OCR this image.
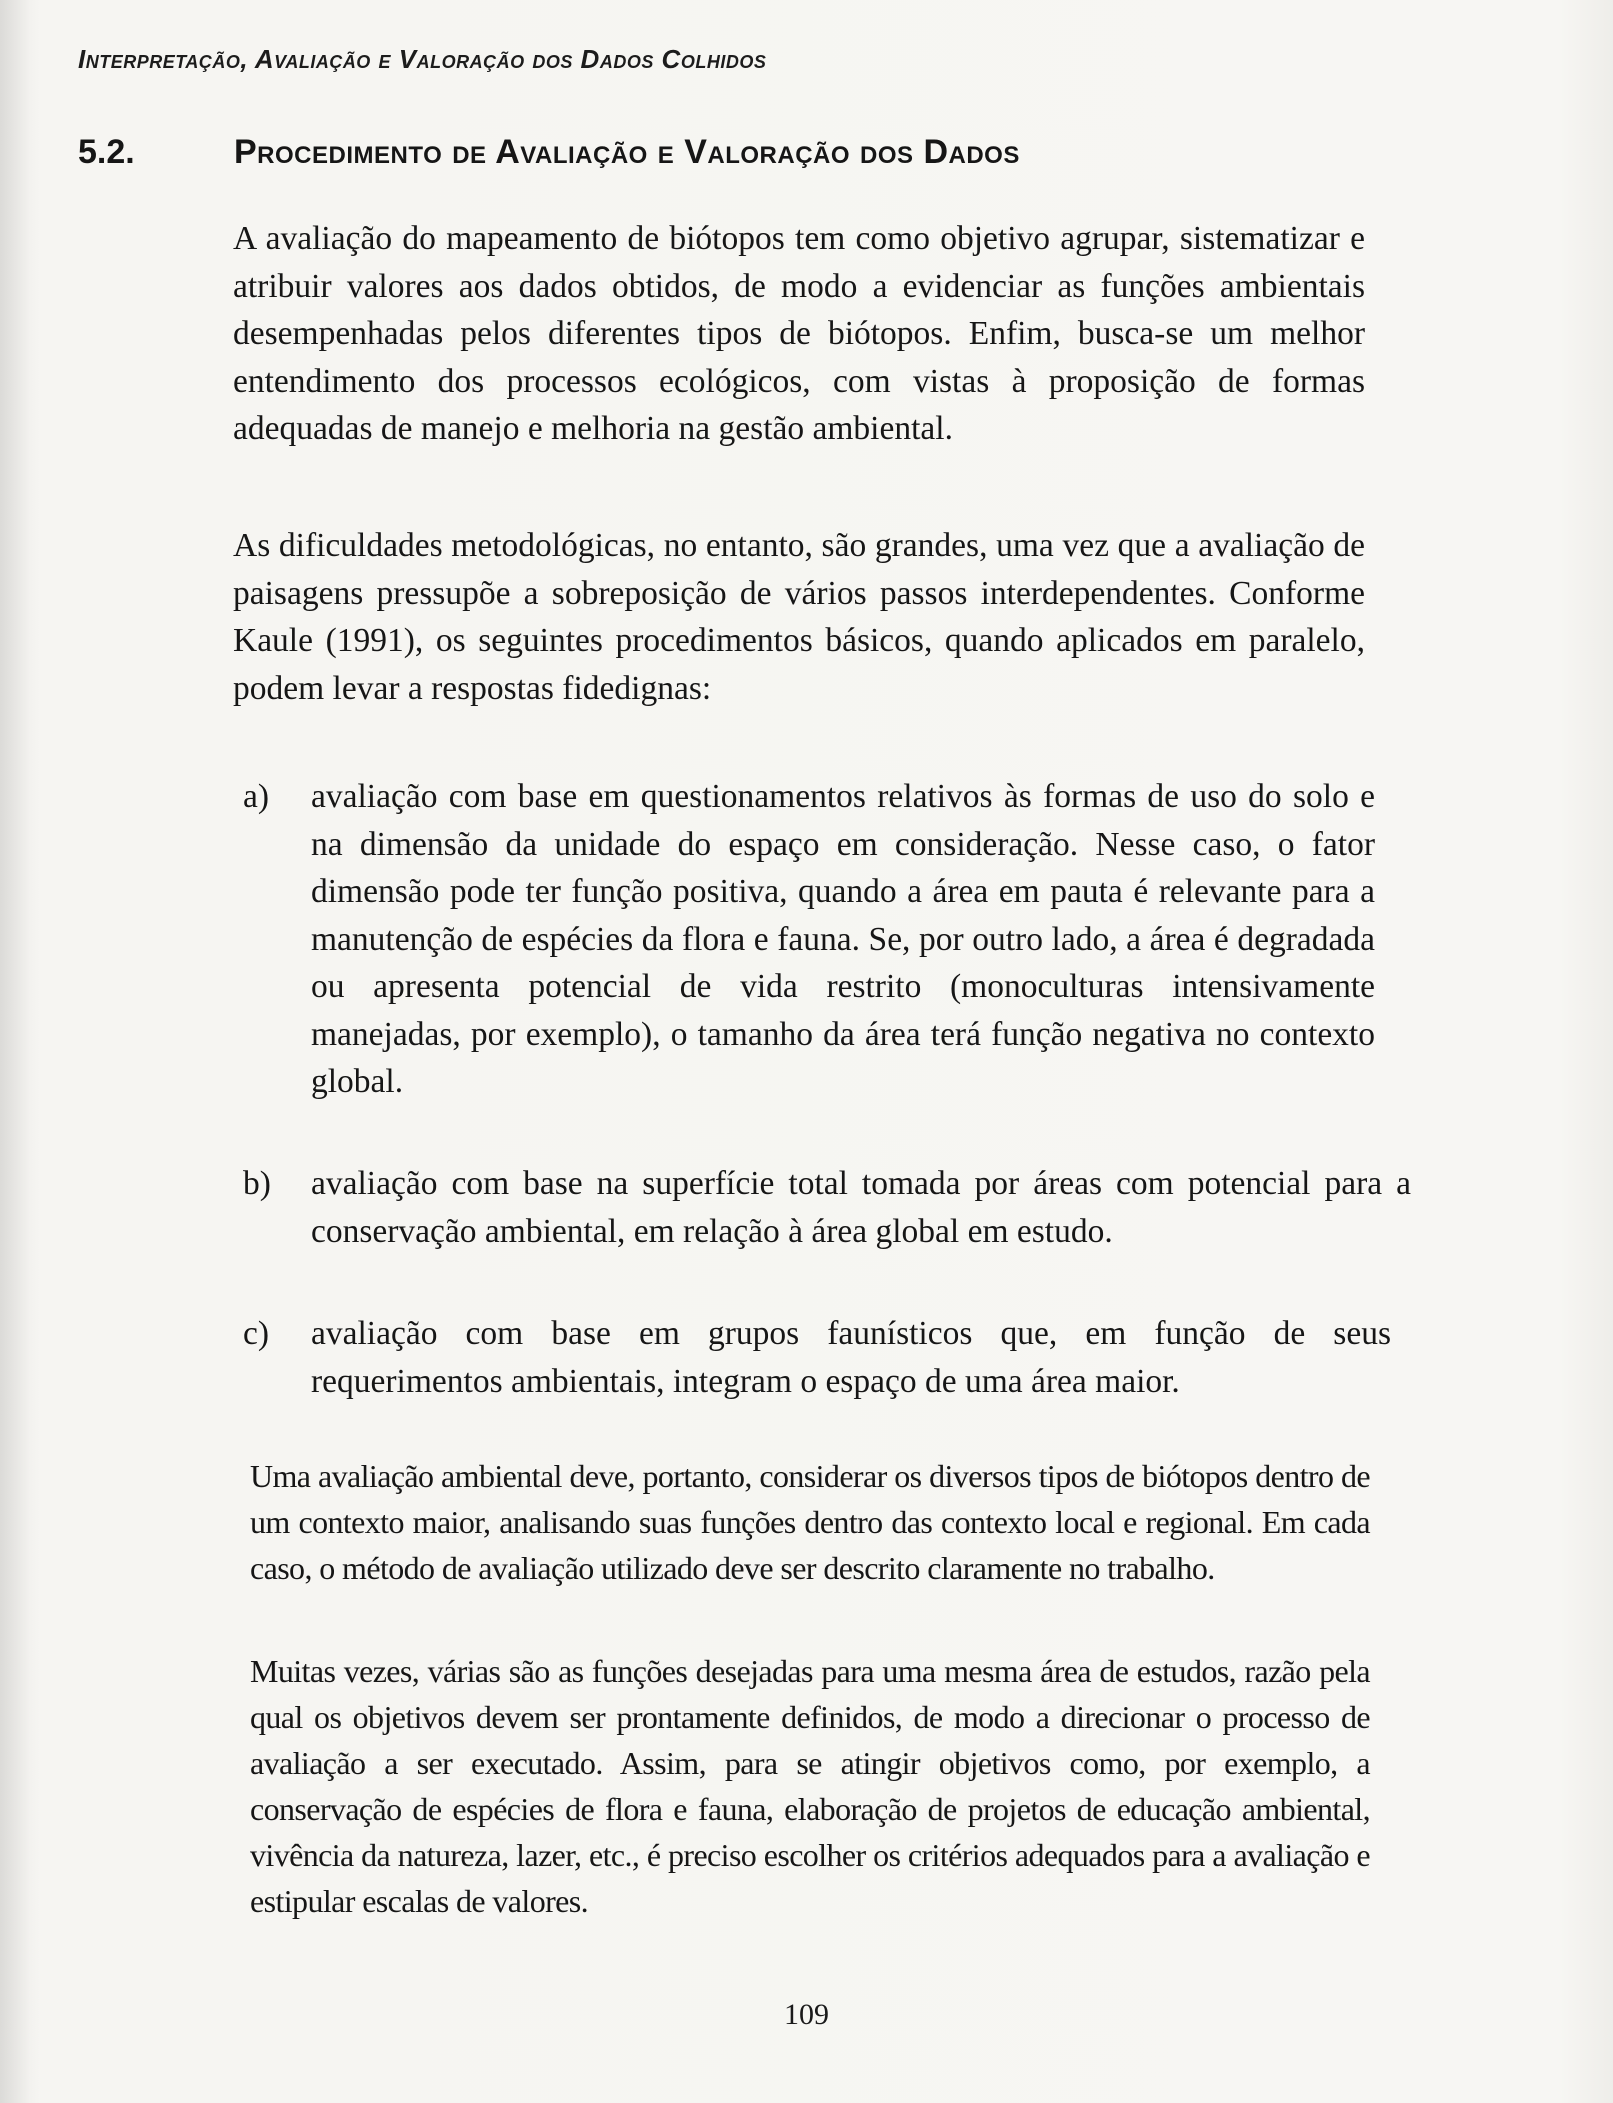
Interpretação, Avaliação e Valoração dos Dados Colhidos
5.2.	Procedimento de Avaliação e Valoração dos Dados
A avaliação do mapeamento de biótopos tem como objetivo agrupar, sistematizar e atribuir valores aos dados obtidos, de modo a evidenciar as funções ambientais desempenhadas pelos diferentes tipos de biótopos. Enfim, busca-se um melhor entendimento dos processos ecológicos, com vistas à proposição de formas adequadas de manejo e melhoria na gestão ambiental.
As dificuldades metodológicas, no entanto, são grandes, uma vez que a avaliação de paisagens pressupõe a sobreposição de vários passos interdependentes. Conforme Kaule (1991), os seguintes procedimentos básicos, quando aplicados em paralelo, podem levar a respostas fidedignas:
a) avaliação com base em questionamentos relativos às formas de uso do solo e na dimensão da unidade do espaço em consideração. Nesse caso, o fator dimensão pode ter função positiva, quando a área em pauta é relevante para a manutenção de espécies da flora e fauna. Se, por outro lado, a área é degradada ou apresenta potencial de vida restrito (monoculturas intensivamente manejadas, por exemplo), o tamanho da área terá função negativa no contexto global.
b) avaliação com base na superfície total tomada por áreas com potencial para a conservação ambiental, em relação à área global em estudo.
c) avaliação com base em grupos faunísticos que, em função de seus requerimentos ambientais, integram o espaço de uma área maior.
Uma avaliação ambiental deve, portanto, considerar os diversos tipos de biótopos dentro de um contexto maior, analisando suas funções dentro das contexto local e regional. Em cada caso, o método de avaliação utilizado deve ser descrito claramente no trabalho.
Muitas vezes, várias são as funções desejadas para uma mesma área de estudos, razão pela qual os objetivos devem ser prontamente definidos, de modo a direcionar o processo de avaliação a ser executado. Assim, para se atingir objetivos como, por exemplo, a conservação de espécies de flora e fauna, elaboração de projetos de educação ambiental, vivência da natureza, lazer, etc., é preciso escolher os critérios adequados para a avaliação e estipular escalas de valores.
109
